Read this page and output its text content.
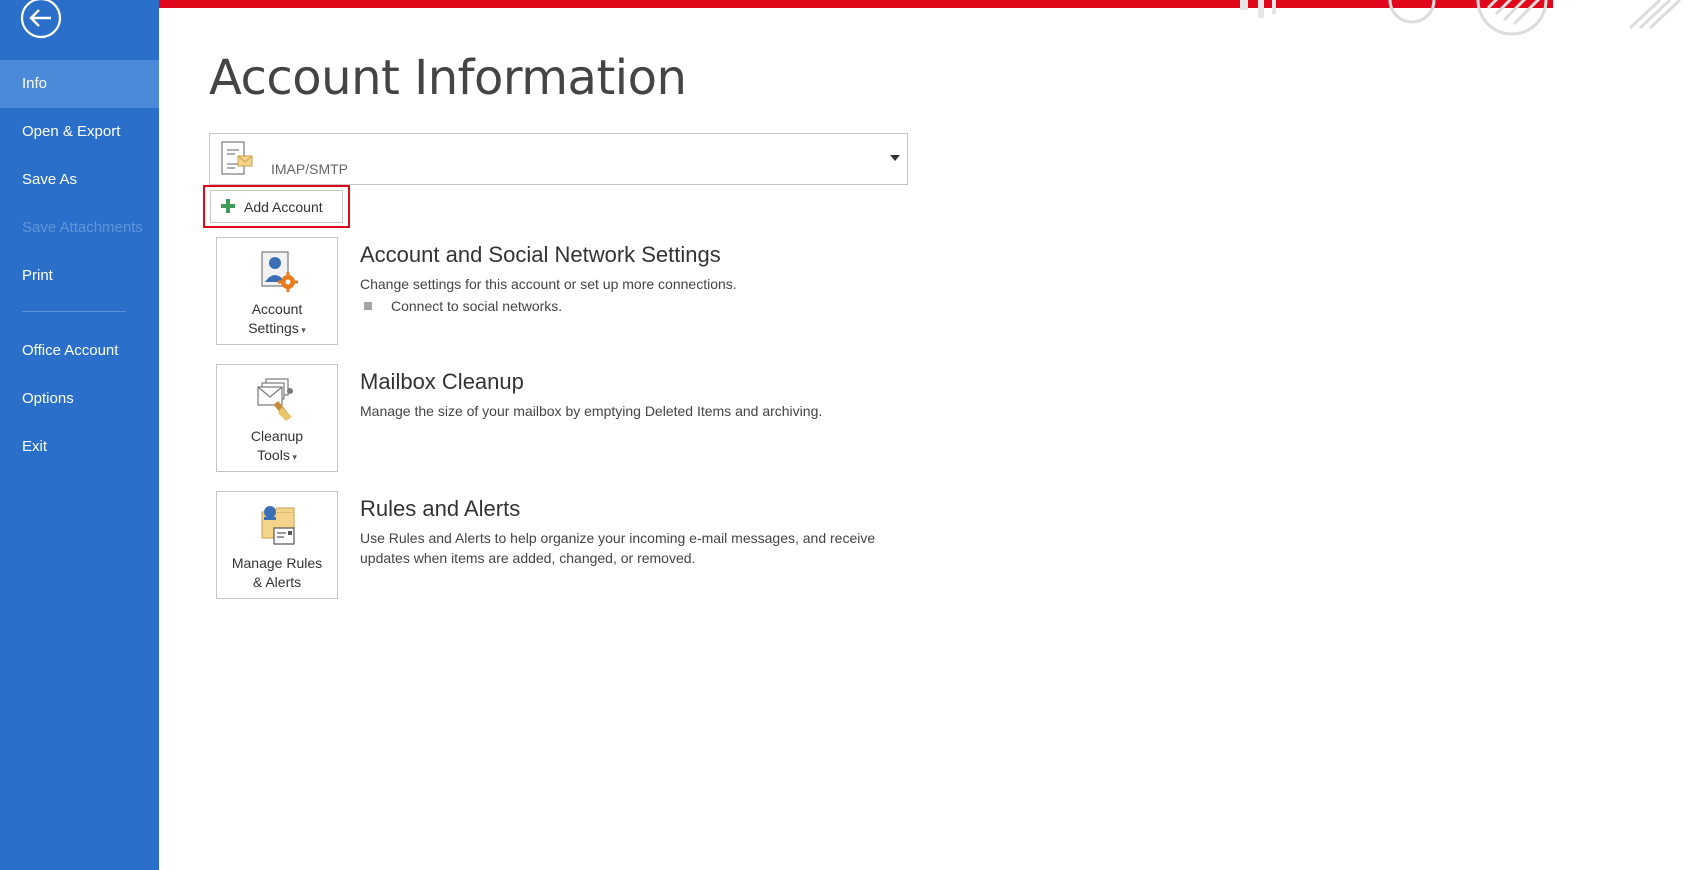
Info
Open & Export
Save As
Save Attachments
Print
Office Account
Options
Exit
Account Information
IMAP/SMTP
Add Account
Account
Settings ▾
Account and Social Network Settings
Change settings for this account or set up more connections.
Connect to social networks.
Cleanup
Tools ▾
Mailbox Cleanup
Manage the size of your mailbox by emptying Deleted Items and archiving.
Manage Rules
& Alerts
Rules and Alerts
Use Rules and Alerts to help organize your incoming e-mail messages, and receive updates when items are added, changed, or removed.
